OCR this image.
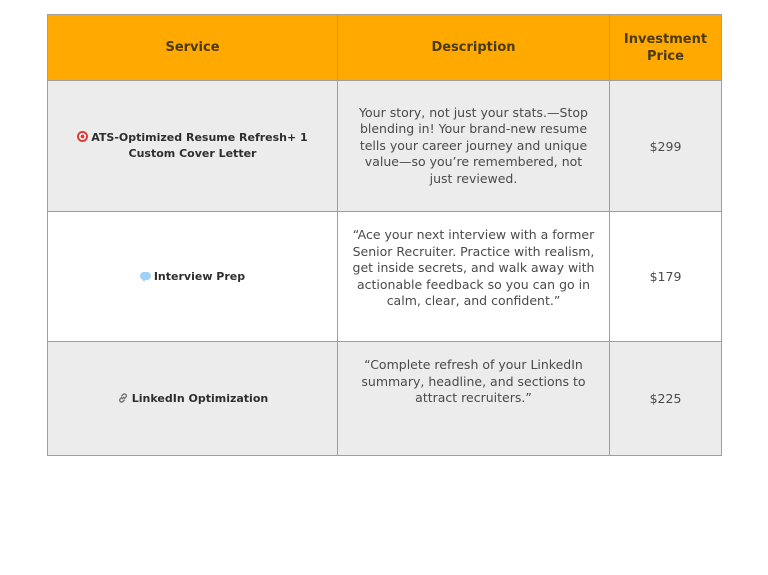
Service	Description	Investment Price
ATS-Optimized Resume Refresh+ 1 Custom Cover Letter	Your story, not just your stats.—Stop blending in! Your brand-new resume tells your career journey and unique value—so you’re remembered, not just reviewed.	$299
Interview Prep	“Ace your next interview with a former Senior Recruiter. Practice with realism, get inside secrets, and walk away with actionable feedback so you can go in calm, clear, and confident.”	$179
LinkedIn Optimization	“Complete refresh of your LinkedIn summary, headline, and sections to attract recruiters.”	$225
